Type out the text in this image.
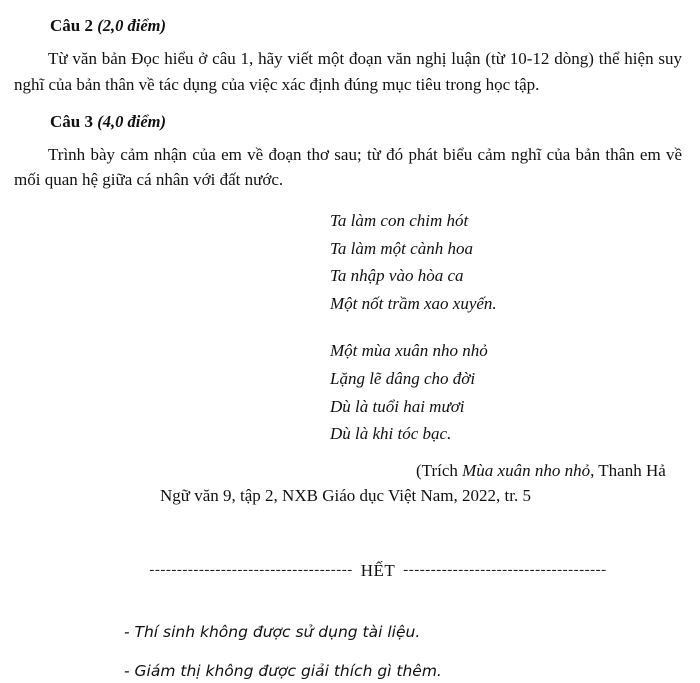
Câu 2 (2,0 điểm)

Từ văn bản Đọc hiểu ở câu 1, hãy viết một đoạn văn nghị luận (từ 10-12 dòng) thể hiện suy nghĩ của bản thân về tác dụng của việc xác định đúng mục tiêu trong học tập.

Câu 3 (4,0 điểm)

Trình bày cảm nhận của em về đoạn thơ sau; từ đó phát biểu cảm nghĩ của bản thân em về mối quan hệ giữa cá nhân với đất nước.

Ta làm con chim hót
Ta làm một cành hoa
Ta nhập vào hòa ca
Một nốt trầm xao xuyến.
Một mùa xuân nho nhỏ
Lặng lẽ dâng cho đời
Dù là tuổi hai mươi
Dù là khi tóc bạc.
(Trích Mùa xuân nho nhỏ, Thanh Hả
Ngữ văn 9, tập 2, NXB Giáo dục Việt Nam, 2022, tr. 5
------------------------------------- HẾT -------------------------------------

- Thí sinh không được sử dụng tài liệu.

- Giám thị không được giải thích gì thêm.
